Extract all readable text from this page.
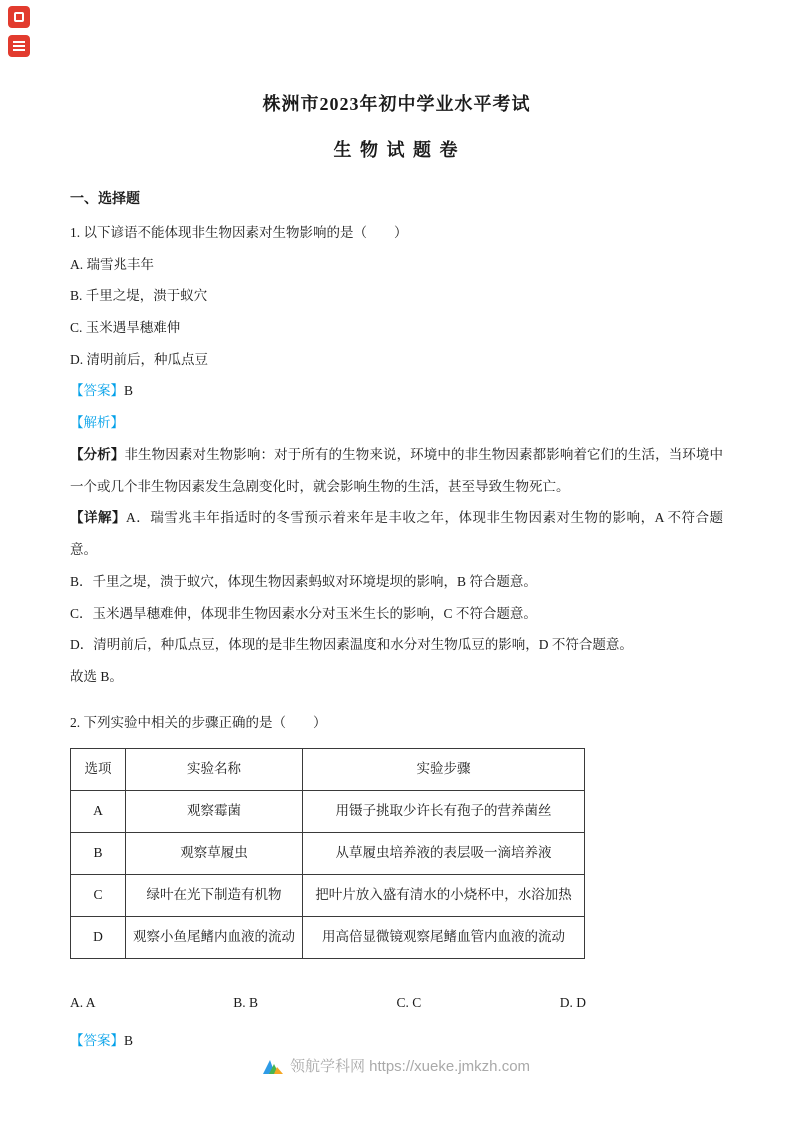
株洲市2023年初中学业水平考试
生 物 试 题 卷

一、选择题

1. 以下谚语不能体现非生物因素对生物影响的是（　　）

A. 瑞雪兆丰年

B. 千里之堤，溃于蚁穴

C. 玉米遇旱穗难伸

D. 清明前后，种瓜点豆

【答案】B

【解析】

【分析】非生物因素对生物影响：对于所有的生物来说，环境中的非生物因素都影响着它们的生活，当环境中一个或几个非生物因素发生急剧变化时，就会影响生物的生活，甚至导致生物死亡。

【详解】A．瑞雪兆丰年指适时的冬雪预示着来年是丰收之年，体现非生物因素对生物的影响，A 不符合题意。

B．千里之堤，溃于蚁穴，体现生物因素蚂蚁对环境堤坝的影响，B 符合题意。

C．玉米遇旱穗难伸，体现非生物因素水分对玉米生长的影响，C 不符合题意。

D．清明前后，种瓜点豆，体现的是非生物因素温度和水分对生物瓜豆的影响，D 不符合题意。

故选 B。

2. 下列实验中相关的步骤正确的是（　　）

选项	实验名称	实验步骤
A	观察霉菌	用镊子挑取少许长有孢子的营养菌丝
B	观察草履虫	从草履虫培养液的表层吸一滴培养液
C	绿叶在光下制造有机物	把叶片放入盛有清水的小烧杯中，水浴加热
D	观察小鱼尾鳍内血液的流动	用高倍显微镜观察尾鳍血管内血液的流动
A. A	B. B	C. C	D. D

【答案】B

领航学科网 https://xueke.jmkzh.com
